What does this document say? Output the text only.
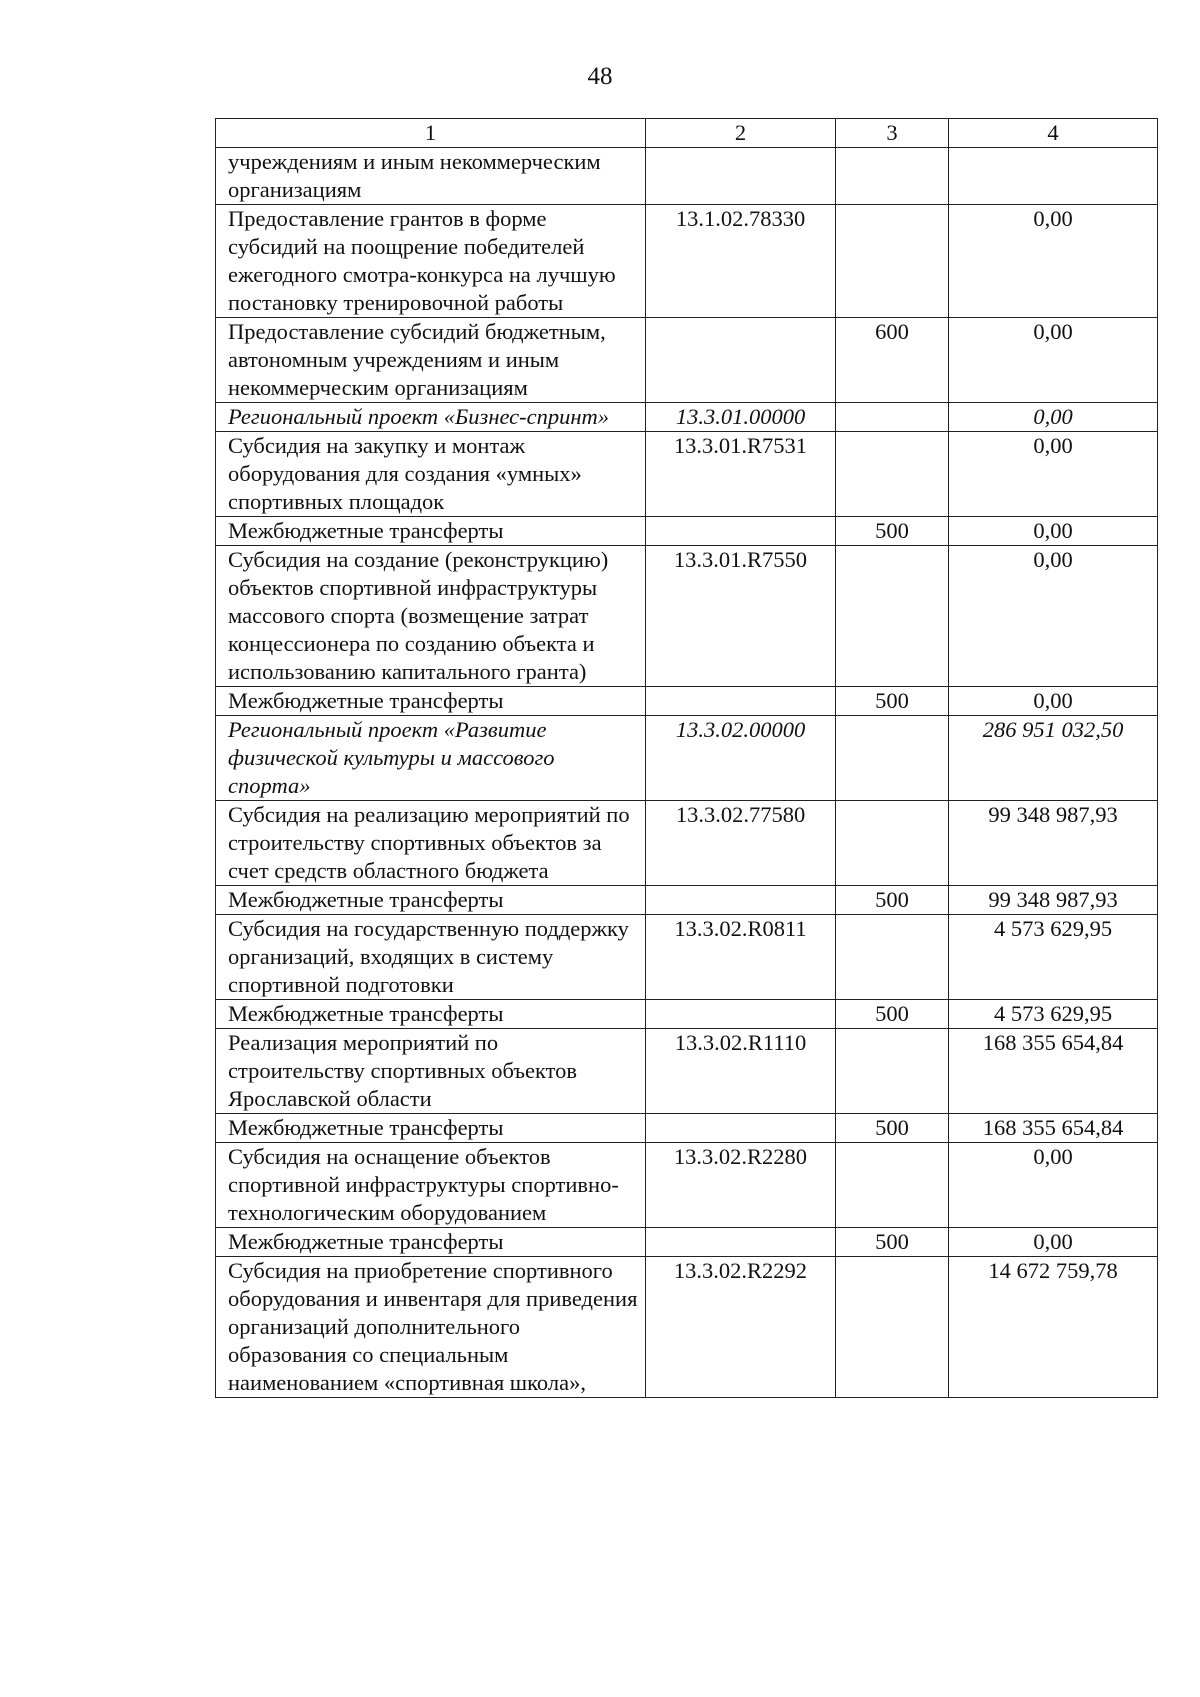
48
1	2	3	4
учреждениям и иным некоммерческим организациям			
Предоставление грантов в форме субсидий на поощрение победителей ежегодного смотра-конкурса на лучшую постановку тренировочной работы	13.1.02.78330		0,00
Предоставление субсидий бюджетным, автономным учреждениям и иным некоммерческим организациям		600	0,00
Региональный проект «Бизнес-спринт»	13.3.01.00000		0,00
Субсидия на закупку и монтаж оборудования для создания «умных» спортивных площадок	13.3.01.R7531		0,00
Межбюджетные трансферты		500	0,00
Субсидия на создание (реконструкцию) объектов спортивной инфраструктуры массового спорта (возмещение затрат концессионера по созданию объекта и использованию капитального гранта)	13.3.01.R7550		0,00
Межбюджетные трансферты		500	0,00
Региональный проект «Развитие физической культуры и массового спорта»	13.3.02.00000		286 951 032,50
Субсидия на реализацию мероприятий по строительству спортивных объектов за счет средств областного бюджета	13.3.02.77580		99 348 987,93
Межбюджетные трансферты		500	99 348 987,93
Субсидия на государственную поддержку организаций, входящих в систему спортивной подготовки	13.3.02.R0811		4 573 629,95
Межбюджетные трансферты		500	4 573 629,95
Реализация мероприятий по строительству спортивных объектов Ярославской области	13.3.02.R1110		168 355 654,84
Межбюджетные трансферты		500	168 355 654,84
Субсидия на оснащение объектов спортивной инфраструктуры спортивно-технологическим оборудованием	13.3.02.R2280		0,00
Межбюджетные трансферты		500	0,00
Субсидия на приобретение спортивного оборудования и инвентаря для приведения организаций дополнительного образования со специальным наименованием «спортивная школа»,	13.3.02.R2292		14 672 759,78
